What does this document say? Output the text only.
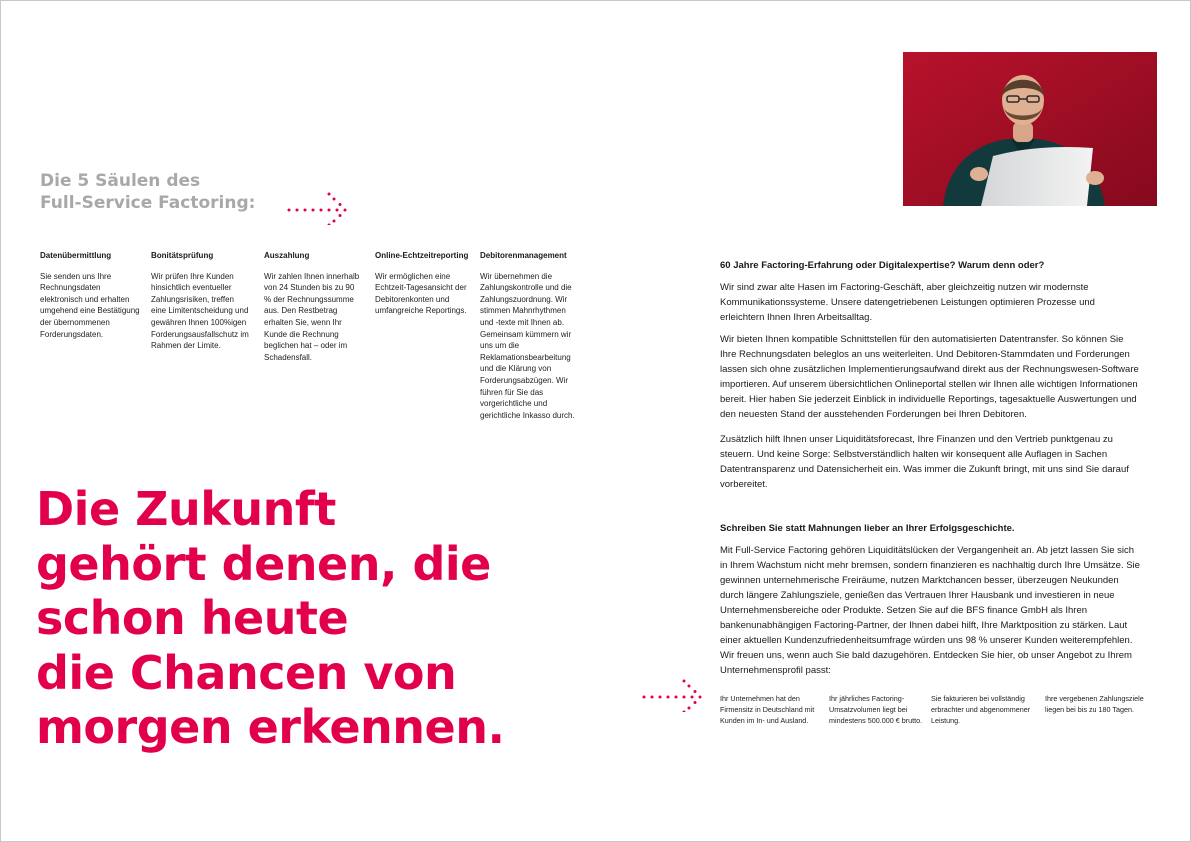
Die 5 Säulen des
Full-Service Factoring:
Datenübermittlung
Sie senden uns Ihre Rechnungsdaten elektronisch und erhalten umgehend eine Bestätigung der übernommenen Forderungsdaten.
Bonitätsprüfung
Wir prüfen Ihre Kunden hinsichtlich eventueller Zahlungsrisiken, treffen eine Limitentscheidung und gewähren Ihnen 100%igen Forderungsausfallschutz im Rahmen der Limite.
Auszahlung
Wir zahlen Ihnen innerhalb von 24 Stunden bis zu 90 % der Rechnungssumme aus. Den Restbetrag erhalten Sie, wenn Ihr Kunde die Rechnung beglichen hat – oder im Schadensfall.
Online-Echtzeitreporting
Wir ermöglichen eine Echtzeit-Tagesansicht der Debitorenkonten und umfangreiche Reportings.
Debitorenmanagement
Wir übernehmen die Zahlungskontrolle und die Zahlungszuordnung. Wir stimmen Mahnrhythmen und -texte mit Ihnen ab. Gemeinsam kümmern wir uns um die Reklamationsbearbeitung und die Klärung von Forderungsabzügen. Wir führen für Sie das vorgerichtliche und gerichtliche Inkasso durch.
Die Zukunft
gehört denen, die
schon heute
die Chancen von
morgen erkennen.

60 Jahre Factoring-Erfahrung oder Digitalexpertise? Warum denn oder?

Wir sind zwar alte Hasen im Factoring-Geschäft, aber gleichzeitig nutzen wir modernste Kommunikationssysteme. Unsere datengetriebenen Leistungen optimieren Prozesse und erleichtern Ihnen Ihren Arbeitsalltag.

Wir bieten Ihnen kompatible Schnittstellen für den automatisierten Datentransfer. So können Sie Ihre Rechnungsdaten beleglos an uns weiterleiten. Und Debitoren-Stammdaten und Forderungen lassen sich ohne zusätzlichen Implementierungsaufwand direkt aus der Rechnungswesen-Software importieren. Auf unserem übersichtlichen Onlineportal stellen wir Ihnen alle wichtigen Informationen bereit. Hier haben Sie jederzeit Einblick in individuelle Reportings, tagesaktuelle Auswertungen und den neuesten Stand der ausstehenden Forderungen bei Ihren Debitoren.

Zusätzlich hilft Ihnen unser Liquiditätsforecast, Ihre Finanzen und den Vertrieb punktgenau zu steuern. Und keine Sorge: Selbstverständlich halten wir konsequent alle Auflagen in Sachen Datentransparenz und Datensicherheit ein. Was immer die Zukunft bringt, mit uns sind Sie darauf vorbereitet.

Schreiben Sie statt Mahnungen lieber an Ihrer Erfolgsgeschichte.

Mit Full-Service Factoring gehören Liquiditätslücken der Vergangenheit an. Ab jetzt lassen Sie sich in Ihrem Wachstum nicht mehr bremsen, sondern finanzieren es nachhaltig durch Ihre Umsätze. Sie gewinnen unternehmerische Freiräume, nutzen Marktchancen besser, überzeugen Neukunden durch längere Zahlungsziele, genießen das Vertrauen Ihrer Hausbank und investieren in neue Unternehmensbereiche oder Produkte. Setzen Sie auf die BFS finance GmbH als Ihren bankenunabhängigen Factoring-Partner, der Ihnen dabei hilft, Ihre Marktposition zu stärken. Laut einer aktuellen Kundenzufriedenheitsumfrage würden uns 98 % unserer Kunden weiterempfehlen. Wir freuen uns, wenn auch Sie bald dazugehören. Entdecken Sie hier, ob unser Angebot zu Ihrem Unternehmensprofil passt:

Ihr Unternehmen hat den Firmensitz in Deutschland mit Kunden im In- und Ausland.
Ihr jährliches Factoring-Umsatzvolumen liegt bei mindestens 500.000 € brutto.
Sie fakturieren bei vollständig erbrachter und abgenommener Leistung.
Ihre vergebenen Zahlungsziele liegen bei bis zu 180 Tagen.
